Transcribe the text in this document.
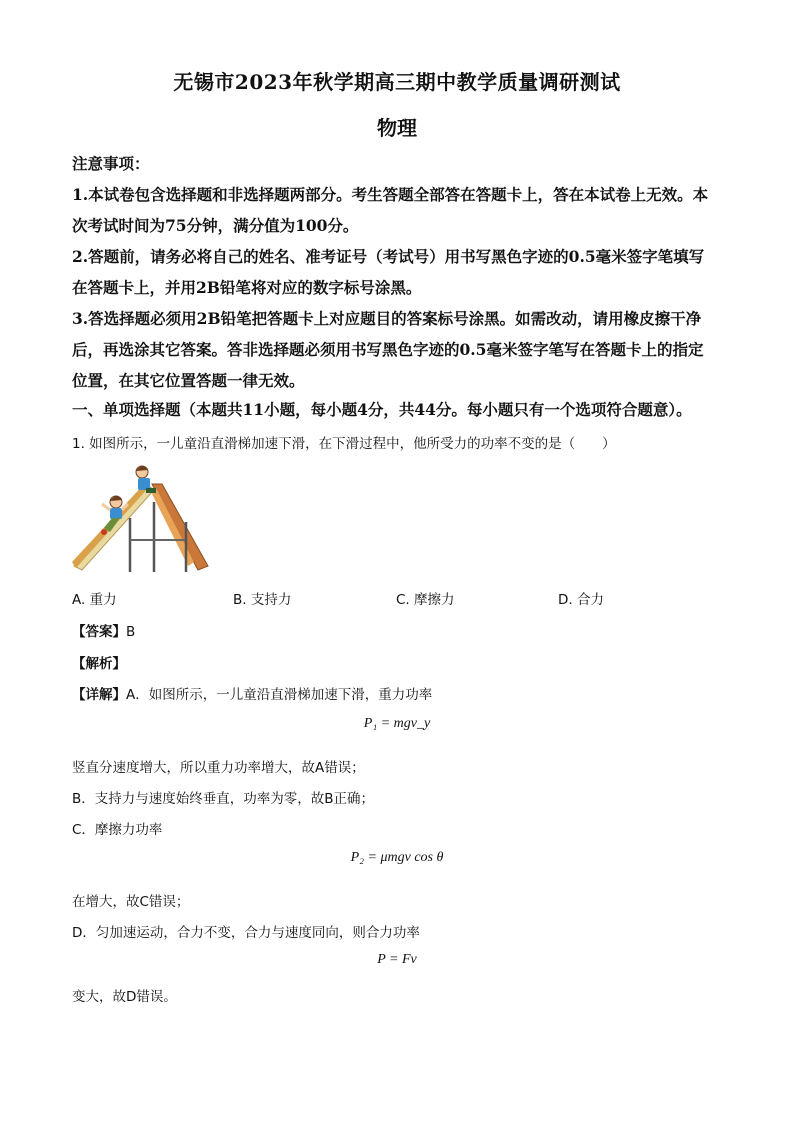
无锡市2023年秋学期高三期中教学质量调研测试
物理
注意事项：
1.本试卷包含选择题和非选择题两部分。考生答题全部答在答题卡上，答在本试卷上无效。本
次考试时间为75分钟，满分值为100分。
2.答题前，请务必将自己的姓名、准考证号（考试号）用书写黑色字迹的0.5毫米签字笔填写
在答题卡上，并用2B铅笔将对应的数字标号涂黑。
3.答选择题必须用2B铅笔把答题卡上对应题目的答案标号涂黑。如需改动，请用橡皮擦干净
后，再选涂其它答案。答非选择题必须用书写黑色字迹的0.5毫米签字笔写在答题卡上的指定
位置，在其它位置答题一律无效。
一、单项选择题（本题共11小题，每小题4分，共44分。每小题只有一个选项符合题意）。
1. 如图所示，一儿童沿直滑梯加速下滑，在下滑过程中，他所受力的功率不变的是（　　）
A. 重力	B. 支持力	C. 摩擦力	D. 合力
【答案】B
【解析】
【详解】A．如图所示，一儿童沿直滑梯加速下滑，重力功率
P₁ = mgv_y
竖直分速度增大，所以重力功率增大，故A错误；
B．支持力与速度始终垂直，功率为零，故B正确；
C．摩擦力功率
P₂ = μmgv cos θ
在增大，故C错误；
D．匀加速运动，合力不变，合力与速度同向，则合力功率
P = Fv
变大，故D错误。
